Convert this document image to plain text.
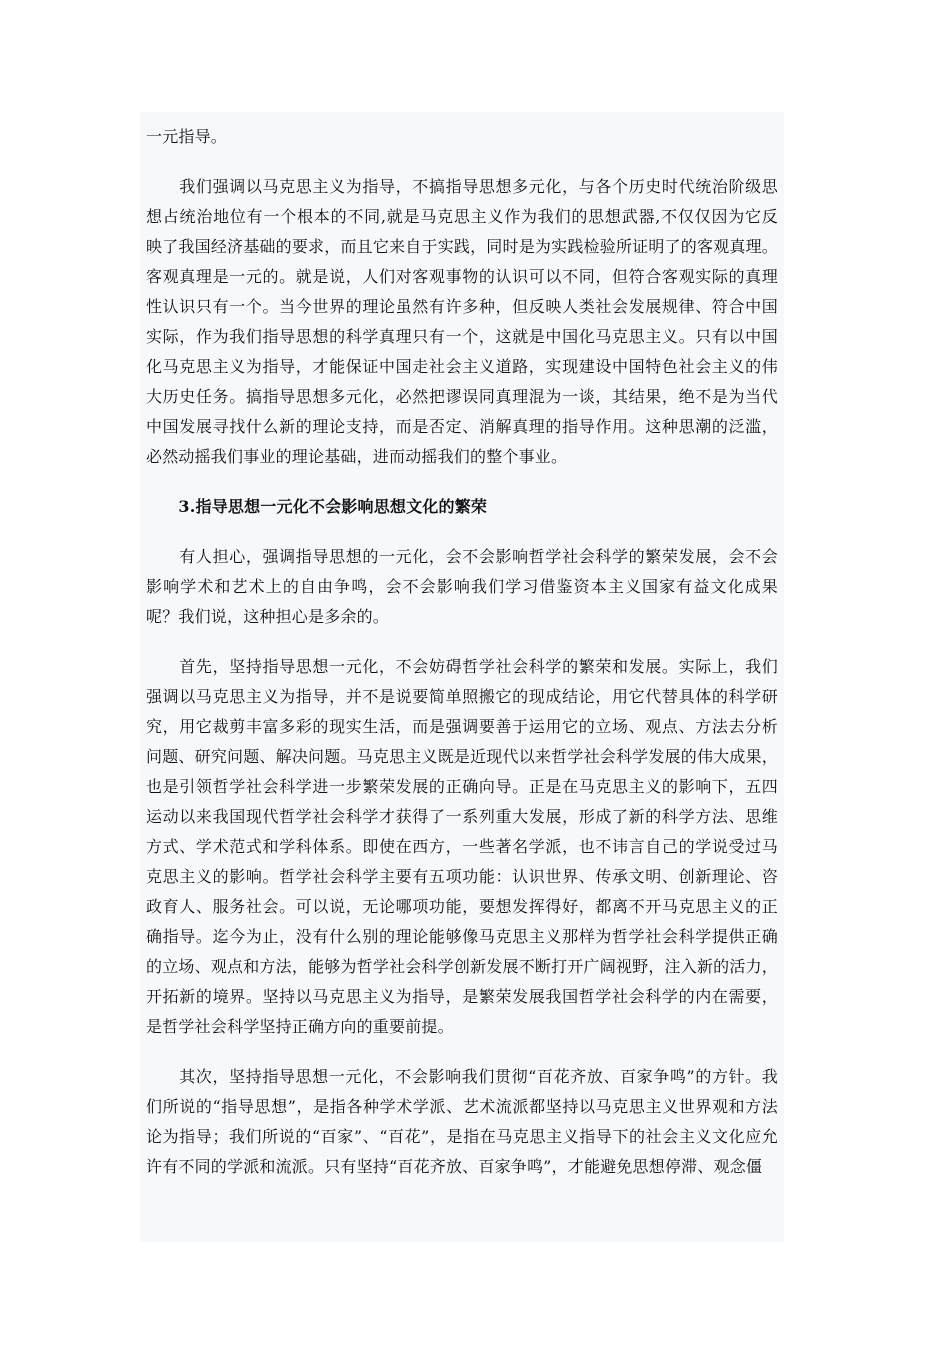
一元指导。
　　我们强调以马克思主义为指导，不搞指导思想多元化，与各个历史时代统治阶级思
想占统治地位有一个根本的不同,就是马克思主义作为我们的思想武器,不仅仅因为它反
映了我国经济基础的要求，而且它来自于实践，同时是为实践检验所证明了的客观真理。
客观真理是一元的。就是说，人们对客观事物的认识可以不同，但符合客观实际的真理
性认识只有一个。当今世界的理论虽然有许多种，但反映人类社会发展规律、符合中国
实际，作为我们指导思想的科学真理只有一个，这就是中国化马克思主义。只有以中国
化马克思主义为指导，才能保证中国走社会主义道路，实现建设中国特色社会主义的伟
大历史任务。搞指导思想多元化，必然把谬误同真理混为一谈，其结果，绝不是为当代
中国发展寻找什么新的理论支持，而是否定、消解真理的指导作用。这种思潮的泛滥，
必然动摇我们事业的理论基础，进而动摇我们的整个事业。
　　3.指导思想一元化不会影响思想文化的繁荣
　　有人担心，强调指导思想的一元化，会不会影响哲学社会科学的繁荣发展，会不会
影响学术和艺术上的自由争鸣，会不会影响我们学习借鉴资本主义国家有益文化成果
呢？我们说，这种担心是多余的。
　　首先，坚持指导思想一元化，不会妨碍哲学社会科学的繁荣和发展。实际上，我们
强调以马克思主义为指导，并不是说要简单照搬它的现成结论，用它代替具体的科学研
究，用它裁剪丰富多彩的现实生活，而是强调要善于运用它的立场、观点、方法去分析
问题、研究问题、解决问题。马克思主义既是近现代以来哲学社会科学发展的伟大成果，
也是引领哲学社会科学进一步繁荣发展的正确向导。正是在马克思主义的影响下，五四
运动以来我国现代哲学社会科学才获得了一系列重大发展，形成了新的科学方法、思维
方式、学术范式和学科体系。即使在西方，一些著名学派，也不讳言自己的学说受过马
克思主义的影响。哲学社会科学主要有五项功能：认识世界、传承文明、创新理论、咨
政育人、服务社会。可以说，无论哪项功能，要想发挥得好，都离不开马克思主义的正
确指导。迄今为止，没有什么别的理论能够像马克思主义那样为哲学社会科学提供正确
的立场、观点和方法，能够为哲学社会科学创新发展不断打开广阔视野，注入新的活力，
开拓新的境界。坚持以马克思主义为指导，是繁荣发展我国哲学社会科学的内在需要，
是哲学社会科学坚持正确方向的重要前提。
　　其次，坚持指导思想一元化，不会影响我们贯彻“百花齐放、百家争鸣”的方针。我
们所说的“指导思想”，是指各种学术学派、艺术流派都坚持以马克思主义世界观和方法
论为指导；我们所说的“百家”、“百花”，是指在马克思主义指导下的社会主义文化应允
许有不同的学派和流派。只有坚持“百花齐放、百家争鸣”，才能避免思想停滞、观念僵
